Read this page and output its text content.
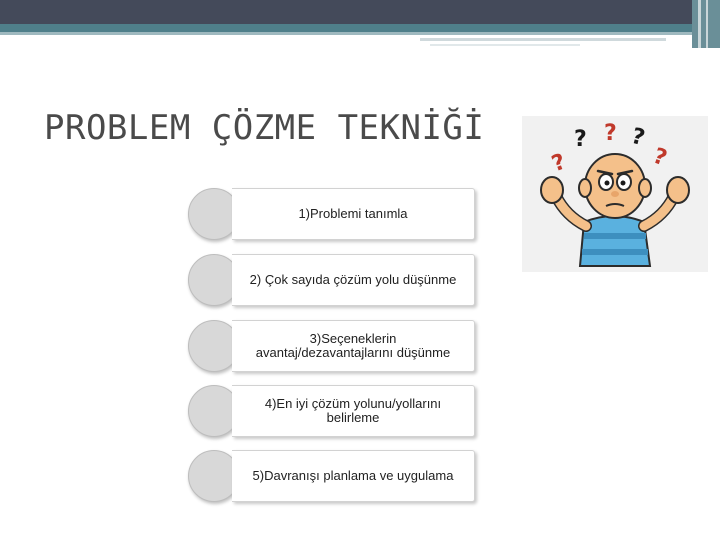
PROBLEM ÇÖZME TEKNİĞİ
1)Problemi tanımla
2) Çok sayıda çözüm yolu düşünme
3)Seçeneklerin avantaj/dezavantajlarını düşünme
4)En iyi çözüm yolunu/yollarını belirleme
5)Davranışı planlama ve uygulama
? ? ?
?	?
